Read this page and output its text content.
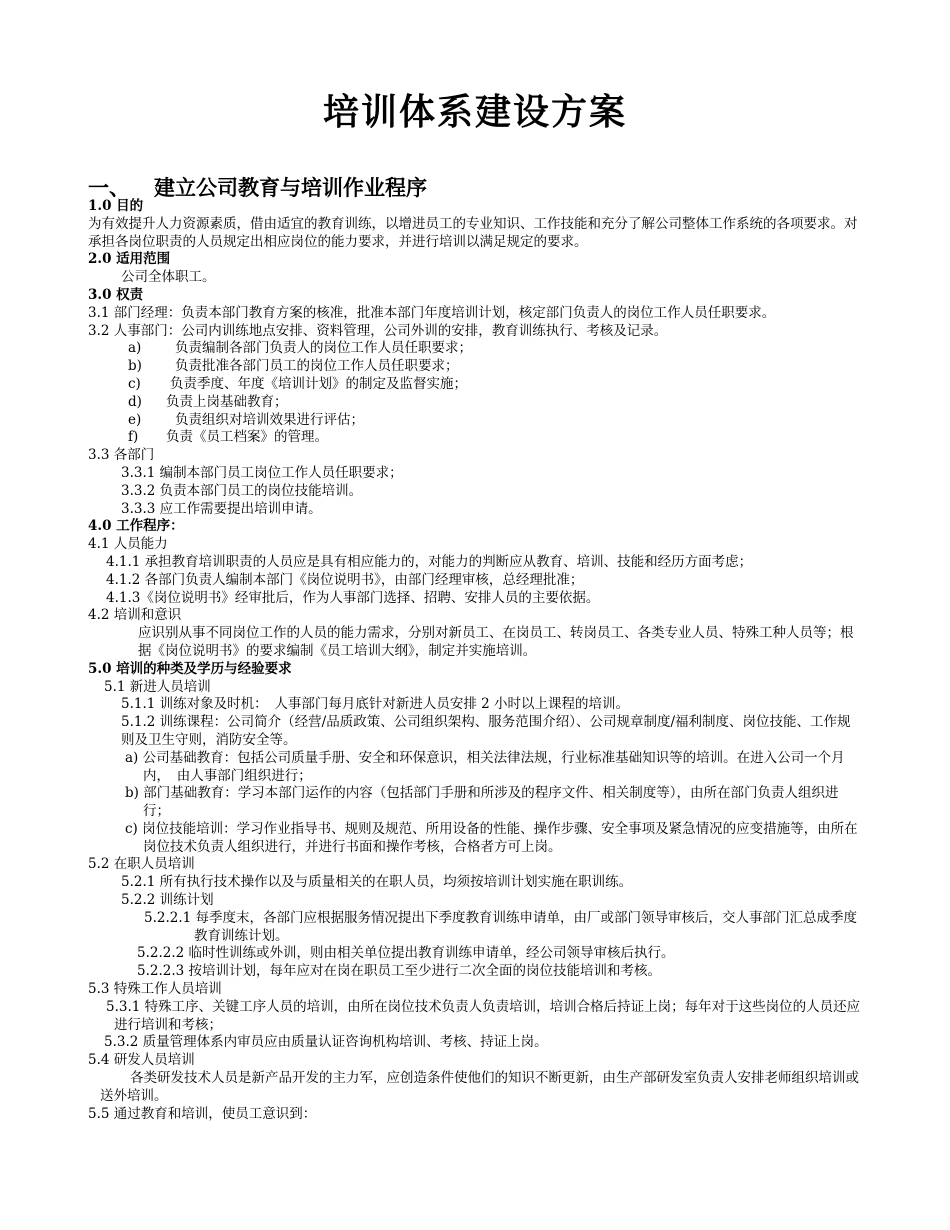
培训体系建设方案
一、 建立公司教育与培训作业程序
1.0 目的
为有效提升人力资源素质，借由适宜的教育训练，以增进员工的专业知识、工作技能和充分了解公司整体工作系统的各项要求。对承担各岗位职责的人员规定出相应岗位的能力要求，并进行培训以满足规定的要求。
2.0 适用范围
公司全体职工。
3.0 权责
3.1 部门经理：负责本部门教育方案的核准，批准本部门年度培训计划，核定部门负责人的岗位工作人员任职要求。
3.2 人事部门：公司内训练地点安排、资料管理，公司外训的安排，教育训练执行、考核及记录。
a) 负责编制各部门负责人的岗位工作人员任职要求；
b) 负责批准各部门员工的岗位工作人员任职要求；
c) 负责季度、年度《培训计划》的制定及监督实施；
d) 负责上岗基础教育；
e) 负责组织对培训效果进行评估；
f) 负责《员工档案》的管理。
3.3 各部门
3.3.1 编制本部门员工岗位工作人员任职要求；
3.3.2 负责本部门员工的岗位技能培训。
3.3.3 应工作需要提出培训申请。
4.0 工作程序：
4.1 人员能力
4.1.1 承担教育培训职责的人员应是具有相应能力的，对能力的判断应从教育、培训、技能和经历方面考虑；
4.1.2 各部门负责人编制本部门《岗位说明书》，由部门经理审核，总经理批准；
4.1.3《岗位说明书》经审批后，作为人事部门选择、招聘、安排人员的主要依据。
4.2 培训和意识
应识别从事不同岗位工作的人员的能力需求，分别对新员工、在岗员工、转岗员工、各类专业人员、特殊工种人员等；根据《岗位说明书》的要求编制《员工培训大纲》，制定并实施培训。
5.0 培训的种类及学历与经验要求
5.1 新进人员培训
5.1.1 训练对象及时机：　人事部门每月底针对新进人员安排 2 小时以上课程的培训。
5.1.2 训练课程：公司简介（经营/品质政策、公司组织架构、服务范围介绍）、公司规章制度/福利制度、岗位技能、工作规则及卫生守则，消防安全等。
a) 公司基础教育：包括公司质量手册、安全和环保意识，相关法律法规，行业标准基础知识等的培训。在进入公司一个月内，　由人事部门组织进行；
b) 部门基础教育：学习本部门运作的内容（包括部门手册和所涉及的程序文件、相关制度等），由所在部门负责人组织进行；
c) 岗位技能培训：学习作业指导书、规则及规范、所用设备的性能、操作步骤、安全事项及紧急情况的应变措施等，由所在岗位技术负责人组织进行，并进行书面和操作考核，合格者方可上岗。
5.2 在职人员培训
5.2.1 所有执行技术操作以及与质量相关的在职人员，均须按培训计划实施在职训练。
5.2.2 训练计划
5.2.2.1 每季度末，各部门应根据服务情况提出下季度教育训练申请单，由厂或部门领导审核后，交人事部门汇总成季度教育训练计划。
5.2.2.2 临时性训练或外训，则由相关单位提出教育训练申请单，经公司领导审核后执行。
5.2.2.3 按培训计划，每年应对在岗在职员工至少进行二次全面的岗位技能培训和考核。
5.3 特殊工作人员培训
5.3.1 特殊工序、关键工序人员的培训，由所在岗位技术负责人负责培训，培训合格后持证上岗；每年对于这些岗位的人员还应进行培训和考核；
5.3.2 质量管理体系内审员应由质量认证咨询机构培训、考核、持证上岗。
5.4 研发人员培训
各类研发技术人员是新产品开发的主力军，应创造条件使他们的知识不断更新，由生产部研发室负责人安排老师组织培训或送外培训。
5.5 通过教育和培训，使员工意识到：
